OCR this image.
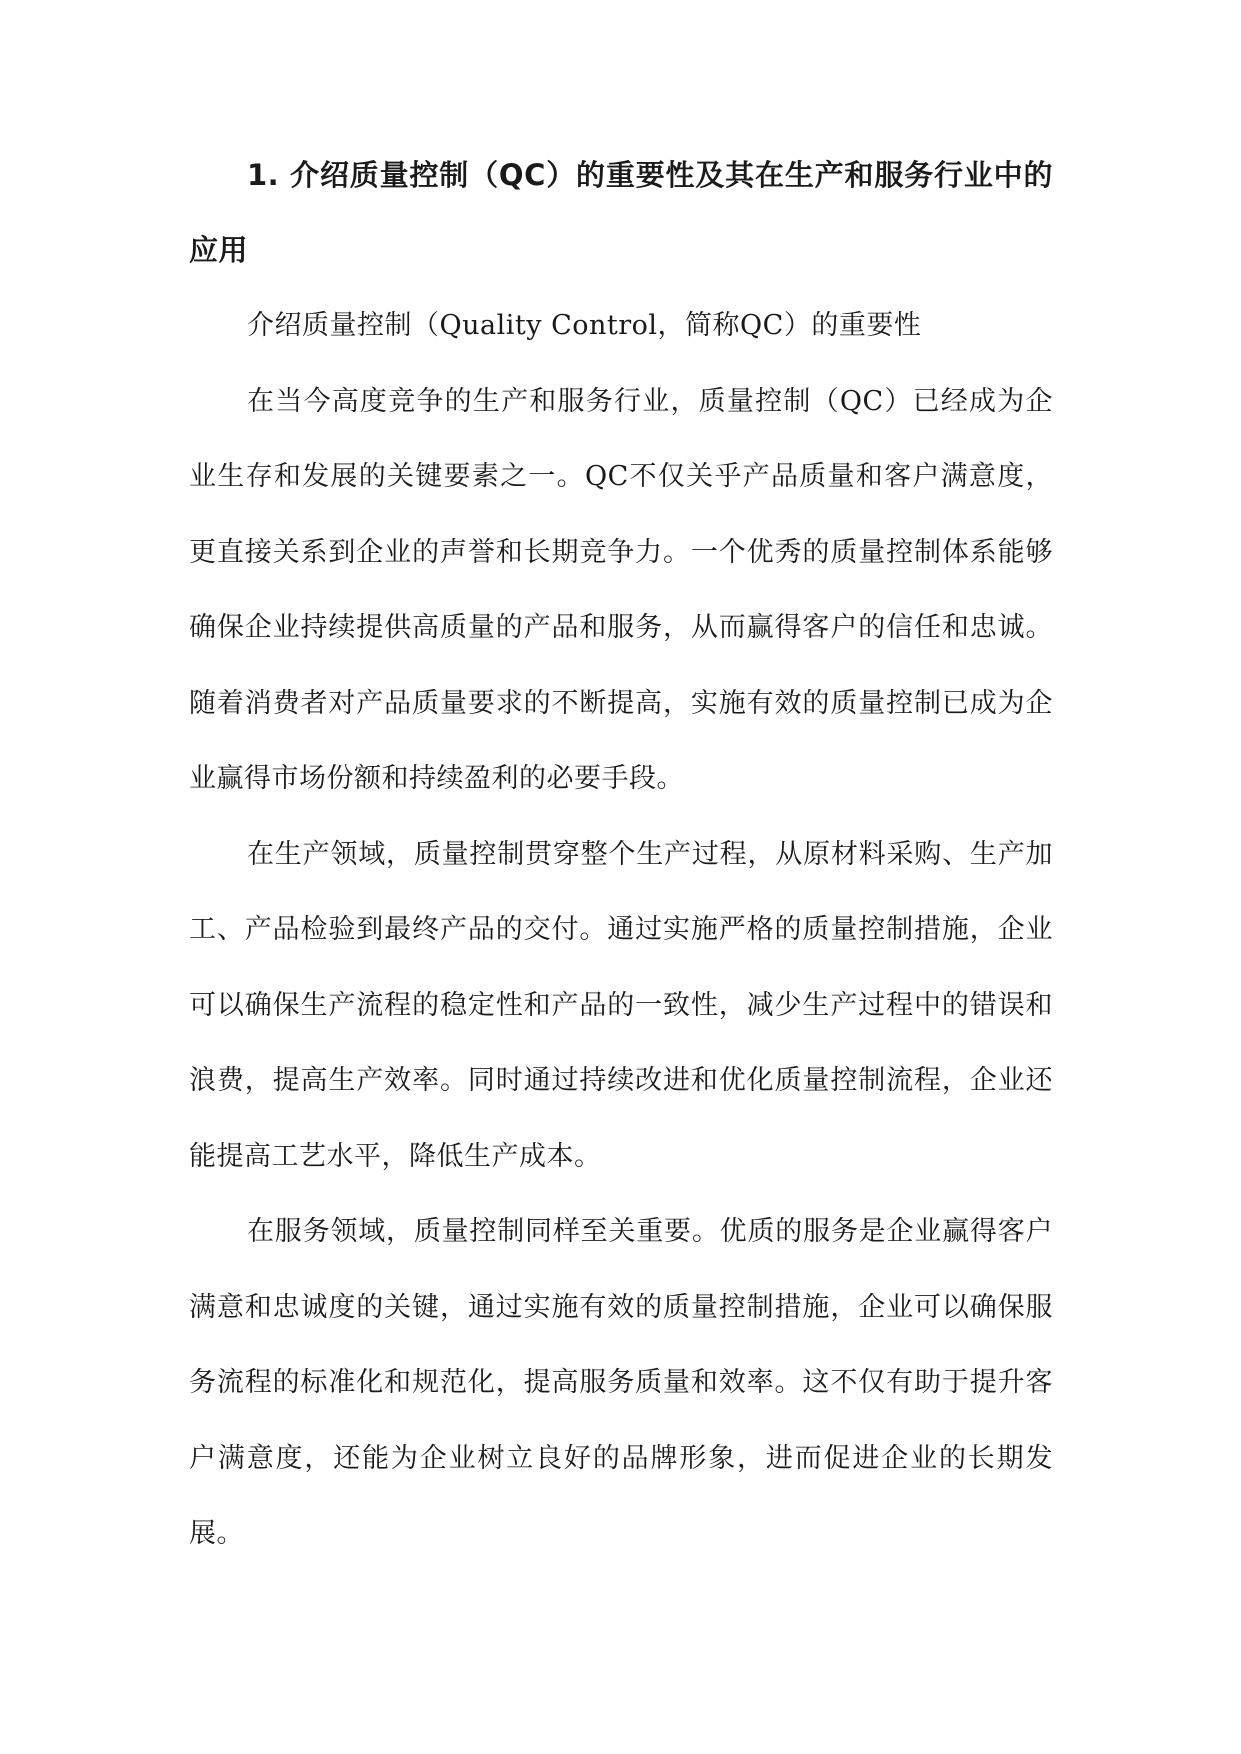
1. 介绍质量控制（QC）的重要性及其在生产和服务行业中的应用

介绍质量控制（Quality Control，简称QC）的重要性

在当今高度竞争的生产和服务行业，质量控制（QC）已经成为企业生存和发展的关键要素之一。QC不仅关乎产品质量和客户满意度，更直接关系到企业的声誉和长期竞争力。一个优秀的质量控制体系能够确保企业持续提供高质量的产品和服务，从而赢得客户的信任和忠诚。随着消费者对产品质量要求的不断提高，实施有效的质量控制已成为企业赢得市场份额和持续盈利的必要手段。

在生产领域，质量控制贯穿整个生产过程，从原材料采购、生产加工、产品检验到最终产品的交付。通过实施严格的质量控制措施，企业可以确保生产流程的稳定性和产品的一致性，减少生产过程中的错误和浪费，提高生产效率。同时通过持续改进和优化质量控制流程，企业还能提高工艺水平，降低生产成本。

在服务领域，质量控制同样至关重要。优质的服务是企业赢得客户满意和忠诚度的关键，通过实施有效的质量控制措施，企业可以确保服务流程的标准化和规范化，提高服务质量和效率。这不仅有助于提升客户满意度，还能为企业树立良好的品牌形象，进而促进企业的长期发展。
